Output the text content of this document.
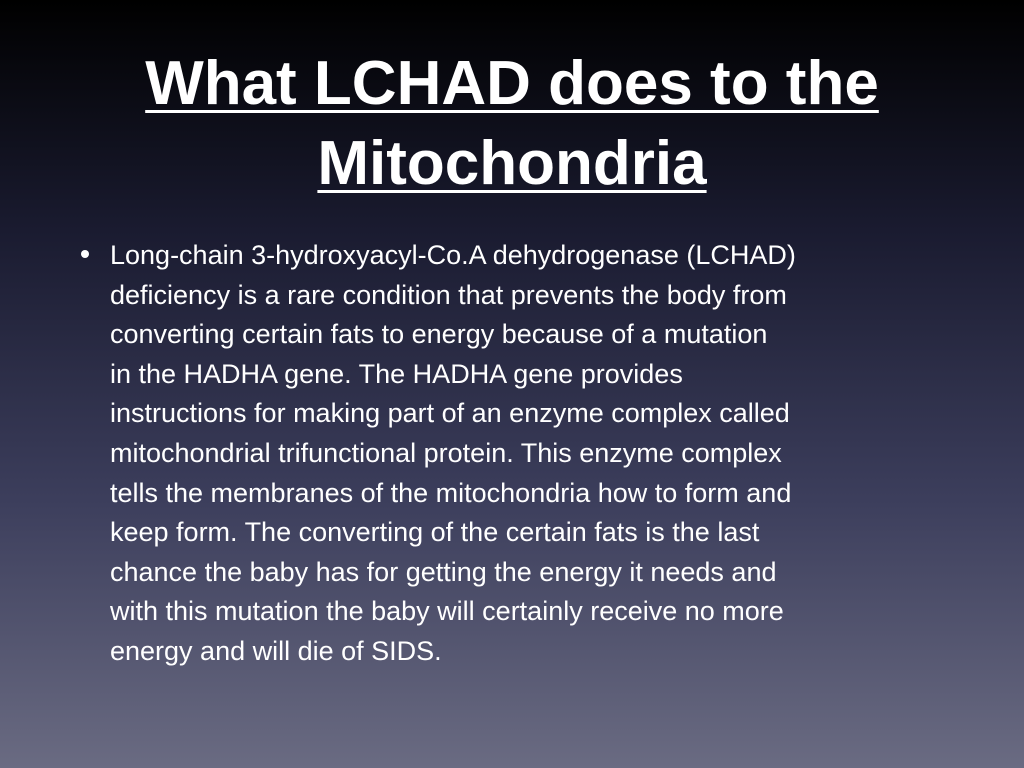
What LCHAD does to the
Mitochondria
Long-chain 3-hydroxyacyl-Co.A dehydrogenase (LCHAD)
deficiency is a rare condition that prevents the body from
converting certain fats to energy because of a mutation
in the HADHA gene. The HADHA gene provides
instructions for making part of an enzyme complex called
mitochondrial trifunctional protein. This enzyme complex
tells the membranes of the mitochondria how to form and
keep form. The converting of the certain fats is the last
chance the baby has for getting the energy it needs and
with this mutation the baby will certainly receive no more
energy and will die of SIDS.
